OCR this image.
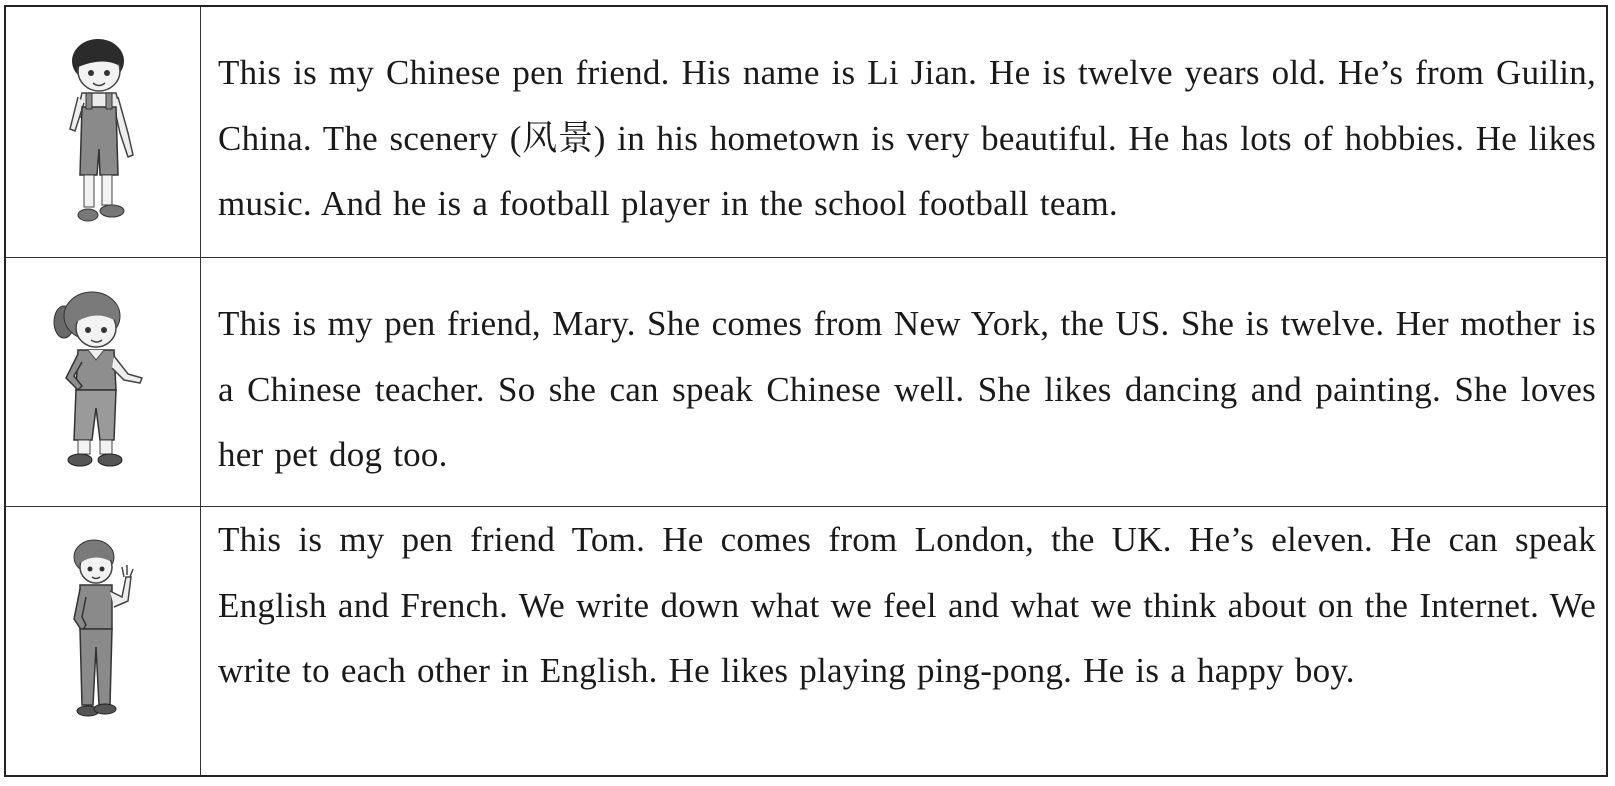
This is my Chinese pen friend. His name is Li Jian. He is twelve years old. He’s from Guilin, China. The scenery (风景) in his hometown is very beautiful. He has lots of hobbies. He likes music. And he is a football player in the school football team.
This is my pen friend, Mary. She comes from New York, the US. She is twelve. Her mother is a Chinese teacher. So she can speak Chinese well. She likes dancing and painting. She loves her pet dog too.
This is my pen friend Tom. He comes from London, the UK. He’s eleven. He can speak English and French. We write down what we feel and what we think about on the Internet. We write to each other in English. He likes playing ping-pong. He is a happy boy.
